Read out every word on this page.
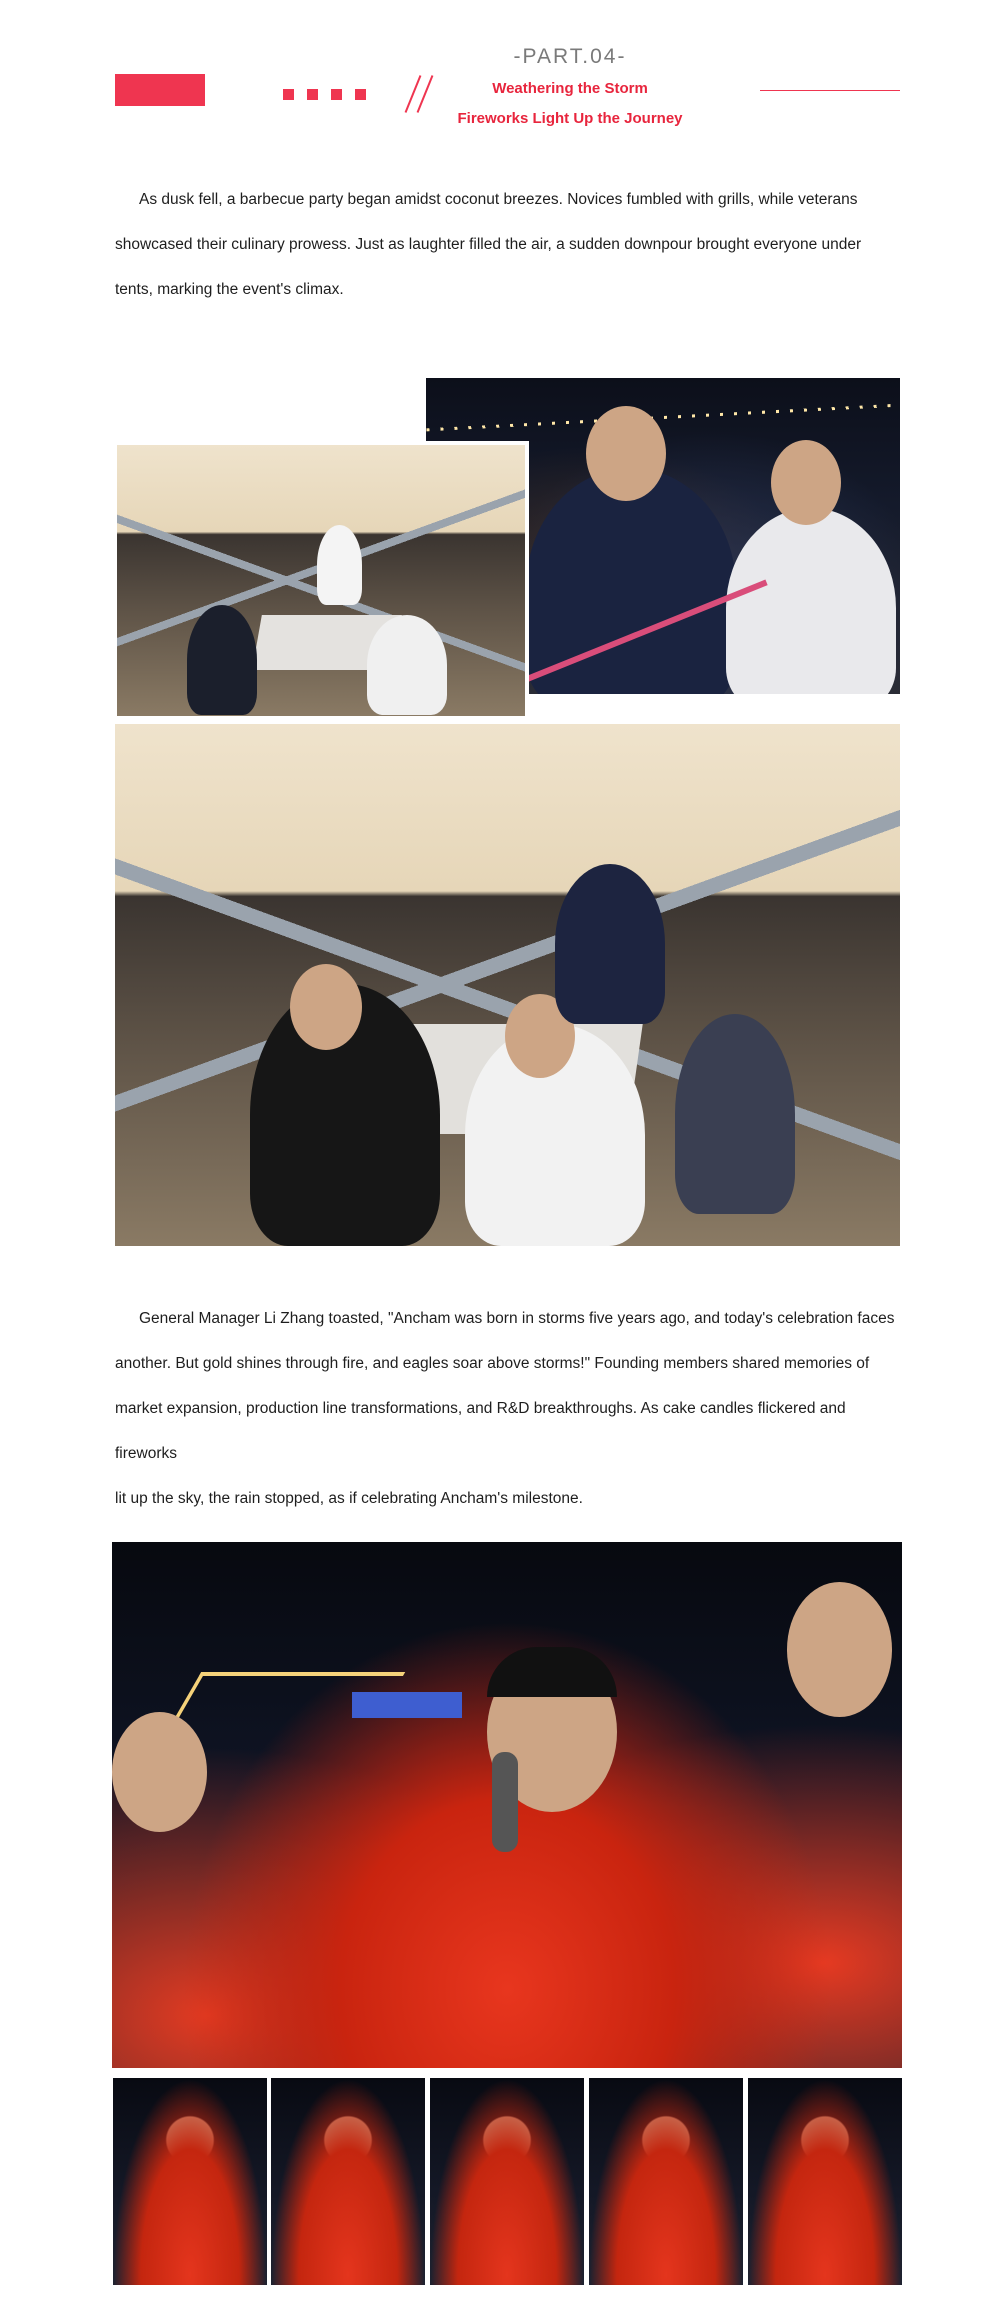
-PART.04-
Weathering the Storm
Fireworks Light Up the Journey
As dusk fell, a barbecue party began amidst coconut breezes. Novices fumbled with grills, while veterans
showcased their culinary prowess. Just as laughter filled the air, a sudden downpour brought everyone under
tents, marking the event's climax.
General Manager Li Zhang toasted, "Ancham was born in storms five years ago, and today's celebration faces
another. But gold shines through fire, and eagles soar above storms!" Founding members shared memories of
market expansion, production line transformations, and R&D breakthroughs. As cake candles flickered and fireworks
lit up the sky, the rain stopped, as if celebrating Ancham's milestone.
